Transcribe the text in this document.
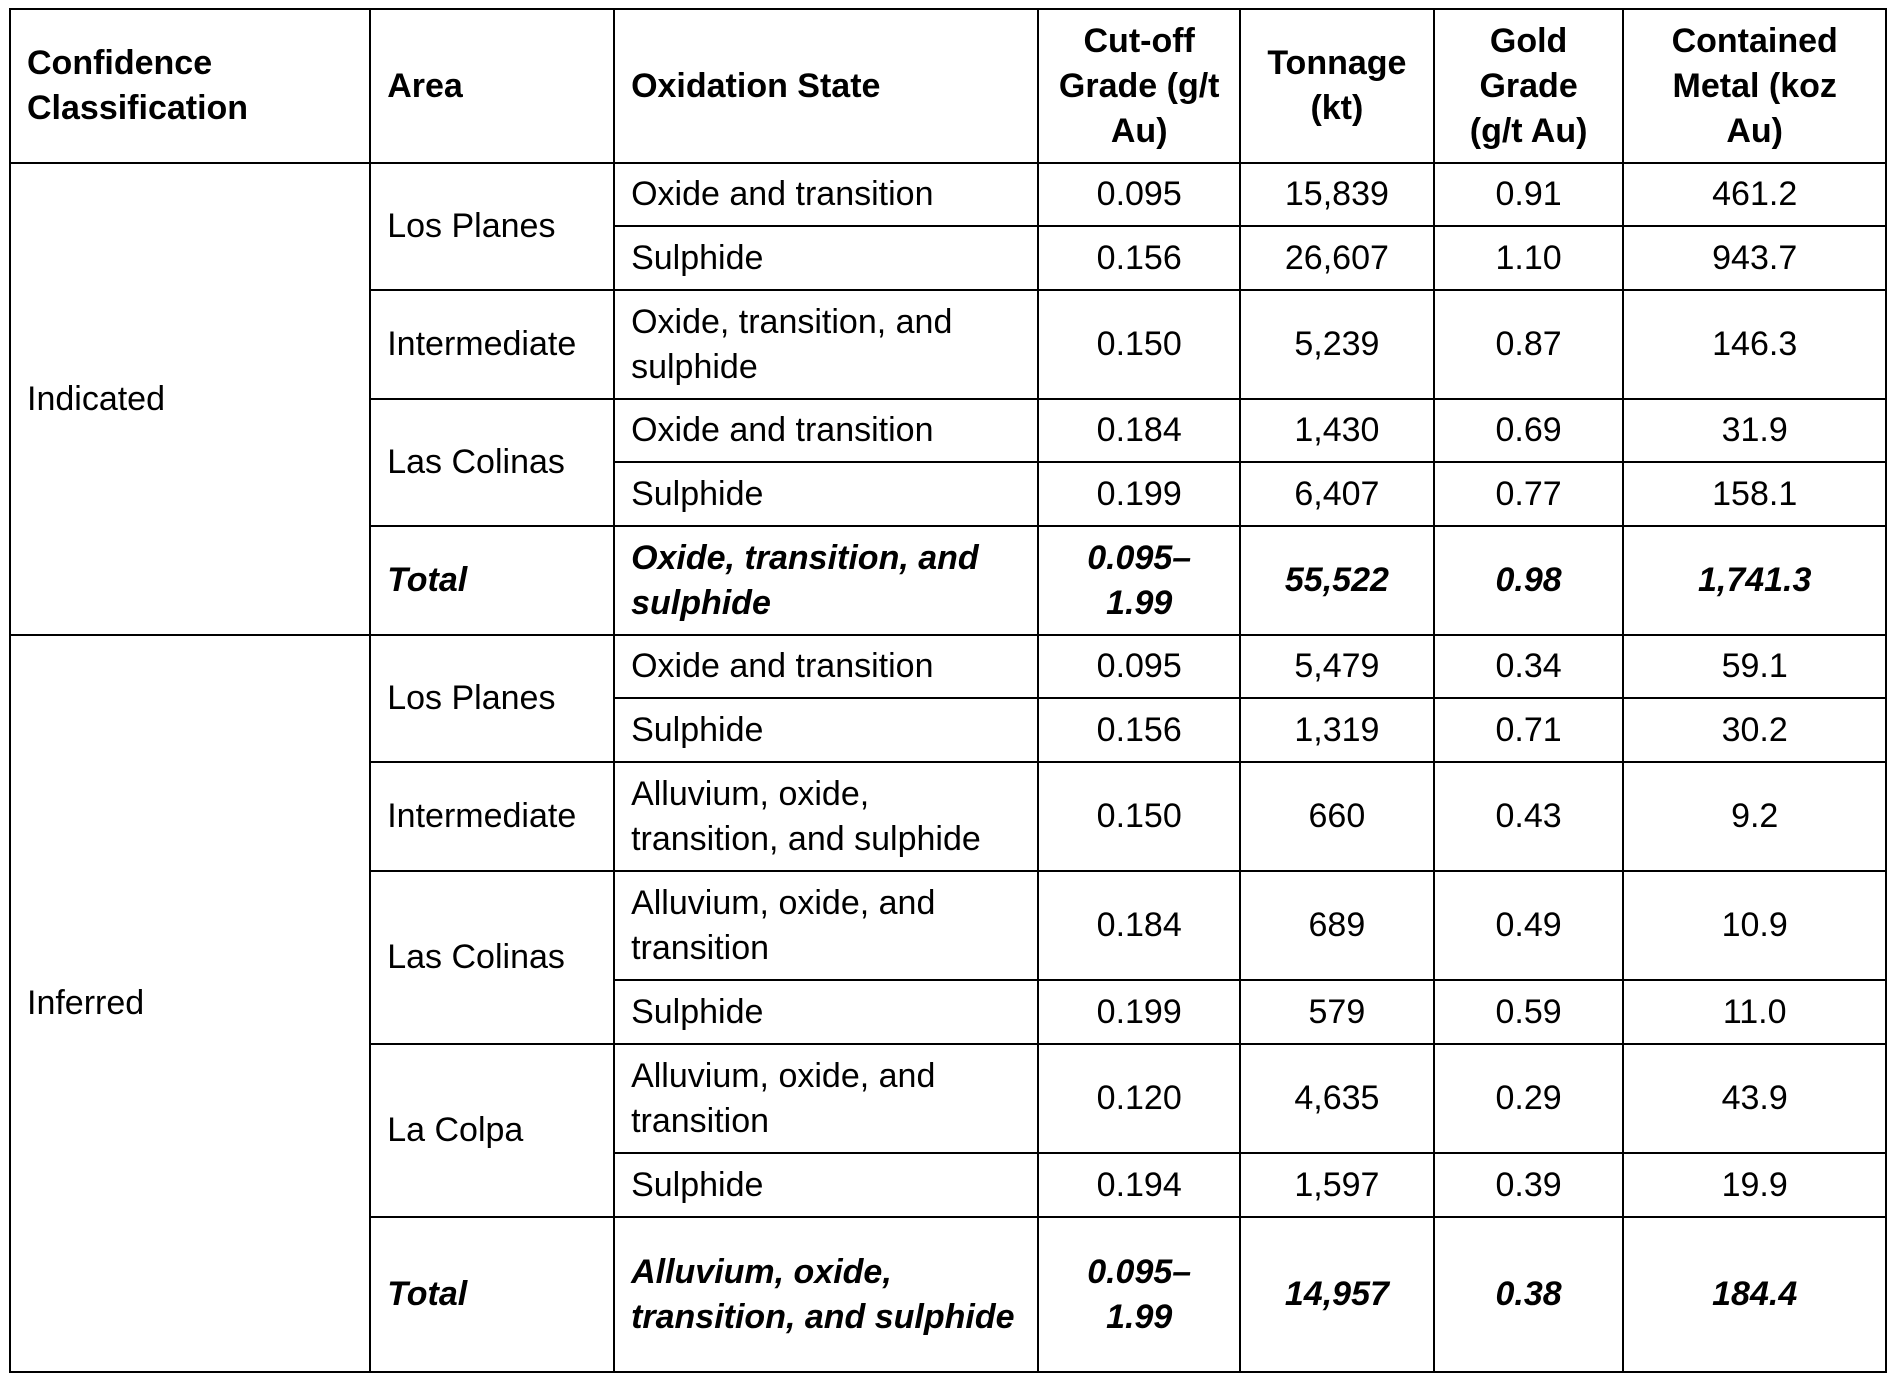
Confidence Classification	Area	Oxidation State	Cut-off Grade (g/t Au)	Tonnage (kt)	Gold Grade (g/t Au)	Contained Metal (koz Au)
Indicated	Los Planes	Oxide and transition	0.095	15,839	0.91	461.2
		Sulphide	0.156	26,607	1.10	943.7
	Intermediate	Oxide, transition, and sulphide	0.150	5,239	0.87	146.3
	Las Colinas	Oxide and transition	0.184	1,430	0.69	31.9
		Sulphide	0.199	6,407	0.77	158.1
	Total	Oxide, transition, and sulphide	0.095–1.99	55,522	0.98	1,741.3
Inferred	Los Planes	Oxide and transition	0.095	5,479	0.34	59.1
		Sulphide	0.156	1,319	0.71	30.2
	Intermediate	Alluvium, oxide, transition, and sulphide	0.150	660	0.43	9.2
	Las Colinas	Alluvium, oxide, and transition	0.184	689	0.49	10.9
		Sulphide	0.199	579	0.59	11.0
	La Colpa	Alluvium, oxide, and transition	0.120	4,635	0.29	43.9
		Sulphide	0.194	1,597	0.39	19.9
	Total	Alluvium, oxide, transition, and sulphide	0.095–1.99	14,957	0.38	184.4
